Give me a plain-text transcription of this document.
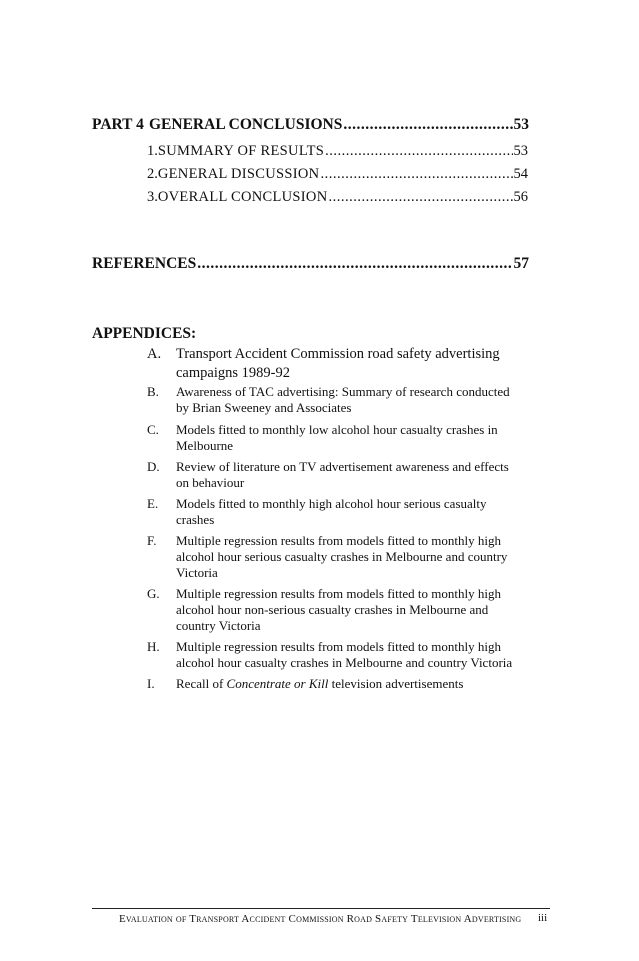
PART 4 GENERAL CONCLUSIONS .....	53
1. SUMMARY OF RESULTS .....	53
2. GENERAL DISCUSSION .....	54
3. OVERALL CONCLUSION .....	56
REFERENCES .....	57
APPENDICES:
A.	Transport Accident Commission road safety advertising campaigns 1989-92
B.	Awareness of TAC advertising: Summary of research conducted by Brian Sweeney and Associates
C.	Models fitted to monthly low alcohol hour casualty crashes in Melbourne
D.	Review of literature on TV advertisement awareness and effects on behaviour
E.	Models fitted to monthly high alcohol hour serious casualty crashes
F.	Multiple regression results from models fitted to monthly high alcohol hour serious casualty crashes in Melbourne and country Victoria
G.	Multiple regression results from models fitted to monthly high alcohol hour non-serious casualty crashes in Melbourne and country Victoria
H.	Multiple regression results from models fitted to monthly high alcohol hour casualty crashes in Melbourne and country Victoria
I.	Recall of Concentrate or Kill television advertisements
Evaluation of Transport Accident Commission Road Safety Television Advertising iii
